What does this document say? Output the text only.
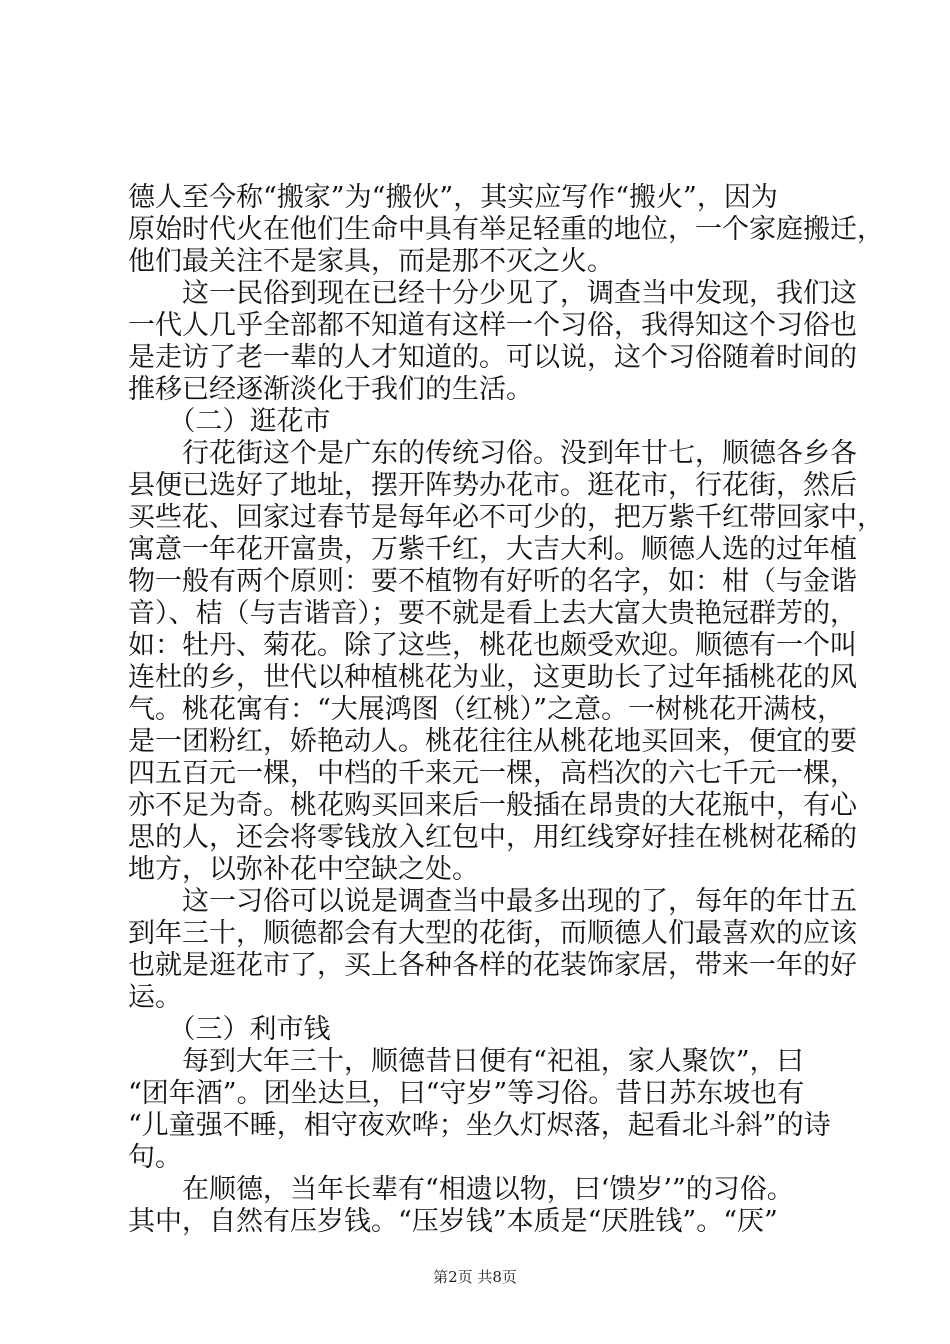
德人至今称“搬家”为“搬伙”，其实应写作“搬火”，因为
原始时代火在他们生命中具有举足轻重的地位，一个家庭搬迁，
他们最关注不是家具，而是那不灭之火。
　　这一民俗到现在已经十分少见了，调查当中发现，我们这
一代人几乎全部都不知道有这样一个习俗，我得知这个习俗也
是走访了老一辈的人才知道的。可以说，这个习俗随着时间的
推移已经逐渐淡化于我们的生活。
　　（二）逛花市
　　行花街这个是广东的传统习俗。没到年廿七，顺德各乡各
县便已选好了地址，摆开阵势办花市。逛花市，行花街，然后
买些花、回家过春节是每年必不可少的，把万紫千红带回家中，
寓意一年花开富贵，万紫千红，大吉大利。顺德人选的过年植
物一般有两个原则：要不植物有好听的名字，如：柑（与金谐
音）、桔（与吉谐音）；要不就是看上去大富大贵艳冠群芳的，
如：牡丹、菊花。除了这些，桃花也颇受欢迎。顺德有一个叫
连杜的乡，世代以种植桃花为业，这更助长了过年插桃花的风
气。桃花寓有：“大展鸿图（红桃）”之意。一树桃花开满枝，
是一团粉红，娇艳动人。桃花往往从桃花地买回来，便宜的要
四五百元一棵，中档的千来元一棵，高档次的六七千元一棵，
亦不足为奇。桃花购买回来后一般插在昂贵的大花瓶中，有心
思的人，还会将零钱放入红包中，用红线穿好挂在桃树花稀的
地方，以弥补花中空缺之处。
　　这一习俗可以说是调查当中最多出现的了，每年的年廿五
到年三十，顺德都会有大型的花街，而顺德人们最喜欢的应该
也就是逛花市了，买上各种各样的花装饰家居，带来一年的好
运。
　　（三）利市钱
　　每到大年三十，顺德昔日便有“祀祖，家人聚饮”，曰
“团年酒”。团坐达旦，曰“守岁”等习俗。昔日苏东坡也有
“儿童强不睡，相守夜欢哗；坐久灯烬落，起看北斗斜”的诗
句。
　　在顺德，当年长辈有“相遗以物，曰‘馈岁’”的习俗。
其中，自然有压岁钱。“压岁钱”本质是“厌胜钱”。“厌”
第2页 共8页
